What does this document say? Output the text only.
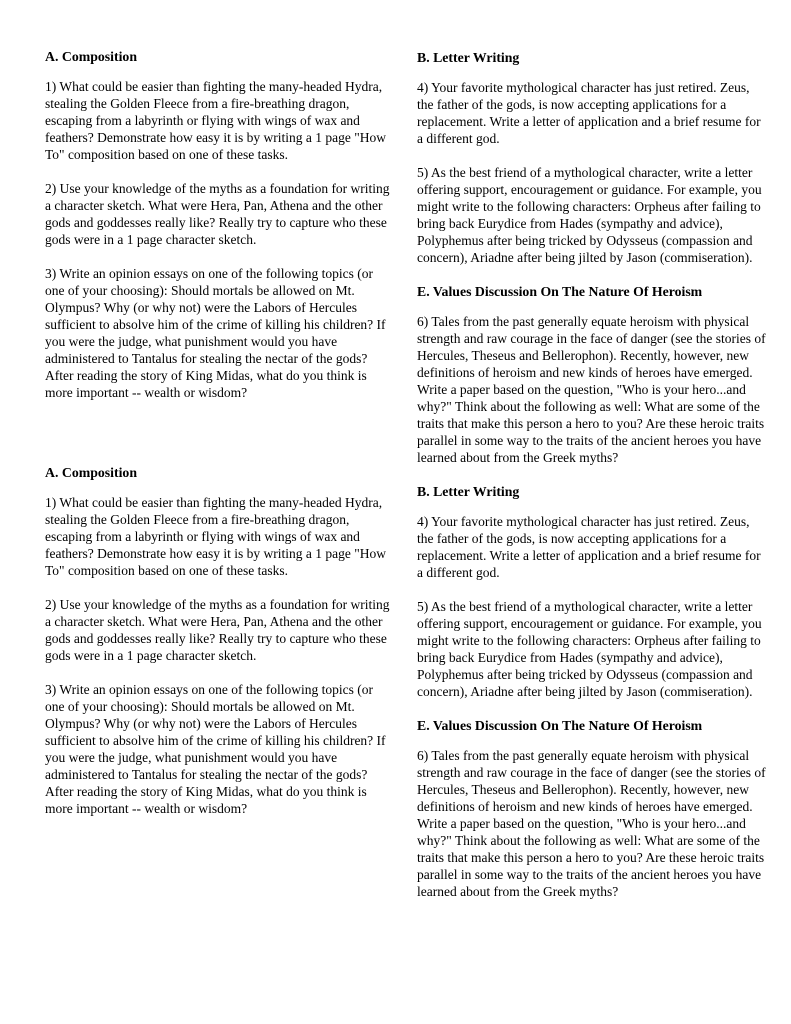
A. Composition

1) What could be easier than fighting the many-headed Hydra, stealing the Golden Fleece from a fire-breathing dragon, escaping from a labyrinth or flying with wings of wax and feathers? Demonstrate how easy it is by writing a 1 page "How To" composition based on one of these tasks.

2) Use your knowledge of the myths as a foundation for writing a character sketch. What were Hera, Pan, Athena and the other gods and goddesses really like? Really try to capture who these gods were in a 1 page character sketch.

3) Write an opinion essays on one of the following topics (or one of your choosing): Should mortals be allowed on Mt. Olympus? Why (or why not) were the Labors of Hercules sufficient to absolve him of the crime of killing his children? If you were the judge, what punishment would you have administered to Tantalus for stealing the nectar of the gods? After reading the story of King Midas, what do you think is more important -- wealth or wisdom?

A. Composition

1) What could be easier than fighting the many-headed Hydra, stealing the Golden Fleece from a fire-breathing dragon, escaping from a labyrinth or flying with wings of wax and feathers? Demonstrate how easy it is by writing a 1 page "How To" composition based on one of these tasks.

2) Use your knowledge of the myths as a foundation for writing a character sketch. What were Hera, Pan, Athena and the other gods and goddesses really like? Really try to capture who these gods were in a 1 page character sketch.

3) Write an opinion essays on one of the following topics (or one of your choosing): Should mortals be allowed on Mt. Olympus? Why (or why not) were the Labors of Hercules sufficient to absolve him of the crime of killing his children? If you were the judge, what punishment would you have administered to Tantalus for stealing the nectar of the gods? After reading the story of King Midas, what do you think is more important -- wealth or wisdom?

B. Letter Writing

4) Your favorite mythological character has just retired. Zeus, the father of the gods, is now accepting applications for a replacement. Write a letter of application and a brief resume for a different god.

5) As the best friend of a mythological character, write a letter offering support, encouragement or guidance. For example, you might write to the following characters: Orpheus after failing to bring back Eurydice from Hades (sympathy and advice), Polyphemus after being tricked by Odysseus (compassion and concern), Ariadne after being jilted by Jason (commiseration).

E. Values Discussion On The Nature Of Heroism

6) Tales from the past generally equate heroism with physical strength and raw courage in the face of danger (see the stories of Hercules, Theseus and Bellerophon). Recently, however, new definitions of heroism and new kinds of heroes have emerged. Write a paper based on the question, "Who is your hero...and why?" Think about the following as well: What are some of the traits that make this person a hero to you? Are these heroic traits parallel in some way to the traits of the ancient heroes you have learned about from the Greek myths?

B. Letter Writing

4) Your favorite mythological character has just retired. Zeus, the father of the gods, is now accepting applications for a replacement. Write a letter of application and a brief resume for a different god.

5) As the best friend of a mythological character, write a letter offering support, encouragement or guidance. For example, you might write to the following characters: Orpheus after failing to bring back Eurydice from Hades (sympathy and advice), Polyphemus after being tricked by Odysseus (compassion and concern), Ariadne after being jilted by Jason (commiseration).

E. Values Discussion On The Nature Of Heroism

6) Tales from the past generally equate heroism with physical strength and raw courage in the face of danger (see the stories of Hercules, Theseus and Bellerophon). Recently, however, new definitions of heroism and new kinds of heroes have emerged. Write a paper based on the question, "Who is your hero...and why?" Think about the following as well: What are some of the traits that make this person a hero to you? Are these heroic traits parallel in some way to the traits of the ancient heroes you have learned about from the Greek myths?
